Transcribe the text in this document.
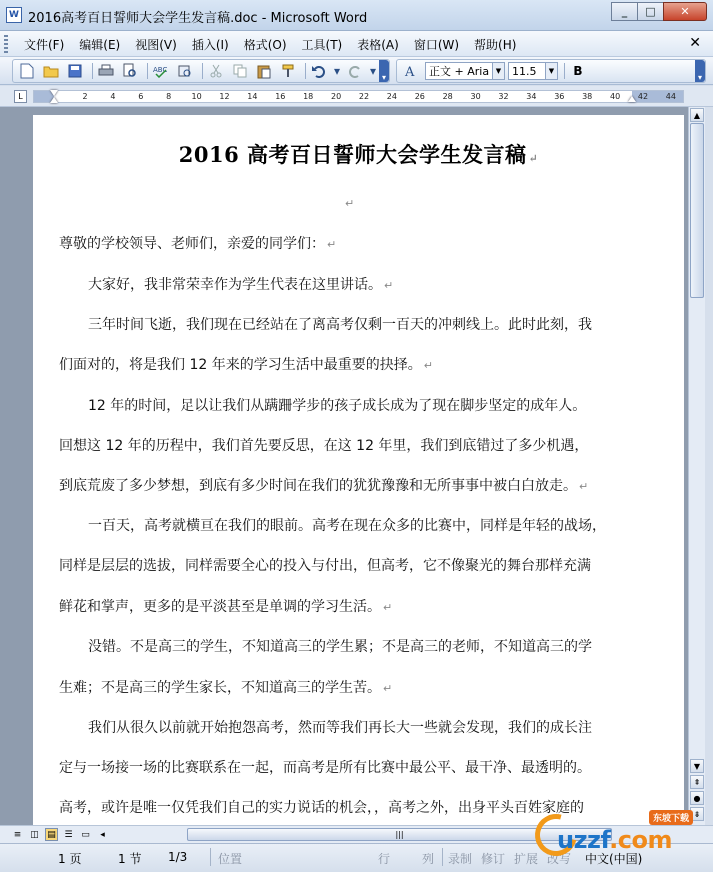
W 2016高考百日誓师大会学生发言稿.doc - Microsoft Word	_	□	✕
文件(F) 编辑(E) 视图(V) 插入(I) 格式(O) 工具(T) 表格(A) 窗口(W) 帮助(H)	✕
ABC	▾ ▾ ▾ A 正文 + Aria ▼ 11.5	▼	B	▾
L	2	4	6	8	10 12 14 16 18 20 22 24 26 28 30 32 34 36 38 40 42 44
2016 高考百日誓师大会学生发言稿 ↵
↵
尊敬的学校领导、老师们，亲爱的同学们： ↵
大家好，我非常荣幸作为学生代表在这里讲话。 ↵
三年时间飞逝，我们现在已经站在了离高考仅剩一百天的冲刺线上。此时此刻，我
们面对的，将是我们 12 年来的学习生活中最重要的抉择。 ↵
12 年的时间，足以让我们从蹒跚学步的孩子成长成为了现在脚步坚定的成年人。
回想这 12 年的历程中，我们首先要反思，在这 12 年里，我们到底错过了多少机遇，
到底荒废了多少梦想，到底有多少时间在我们的犹犹豫豫和无所事事中被白白放走。 ↵
一百天，高考就横亘在我们的眼前。高考在现在众多的比赛中，同样是年轻的战场，
同样是层层的选拔，同样需要全心的投入与付出，但高考，它不像聚光的舞台那样充满
鲜花和掌声，更多的是平淡甚至是单调的学习生活。 ↵
没错。不是高三的学生，不知道高三的学生累；不是高三的老师，不知道高三的学
生难；不是高三的学生家长，不知道高三的学生苦。 ↵
我们从很久以前就开始抱怨高考，然而等我们再长大一些就会发现，我们的成长注
定与一场接一场的比赛联系在一起，而高考是所有比赛中最公平、最干净、最透明的。
高考，或许是唯一仅凭我们自己的实力说话的机会，，高考之外，出身平头百姓家庭的
▲
▼
⇞
●
⇟
≡ ◫ ▤ ☰ ▭	◂	|||
1 页	1 节 1/3	位置	行	列 录制 修订 扩展 改写 中文(中国)
uzzf.com
东坡下载
